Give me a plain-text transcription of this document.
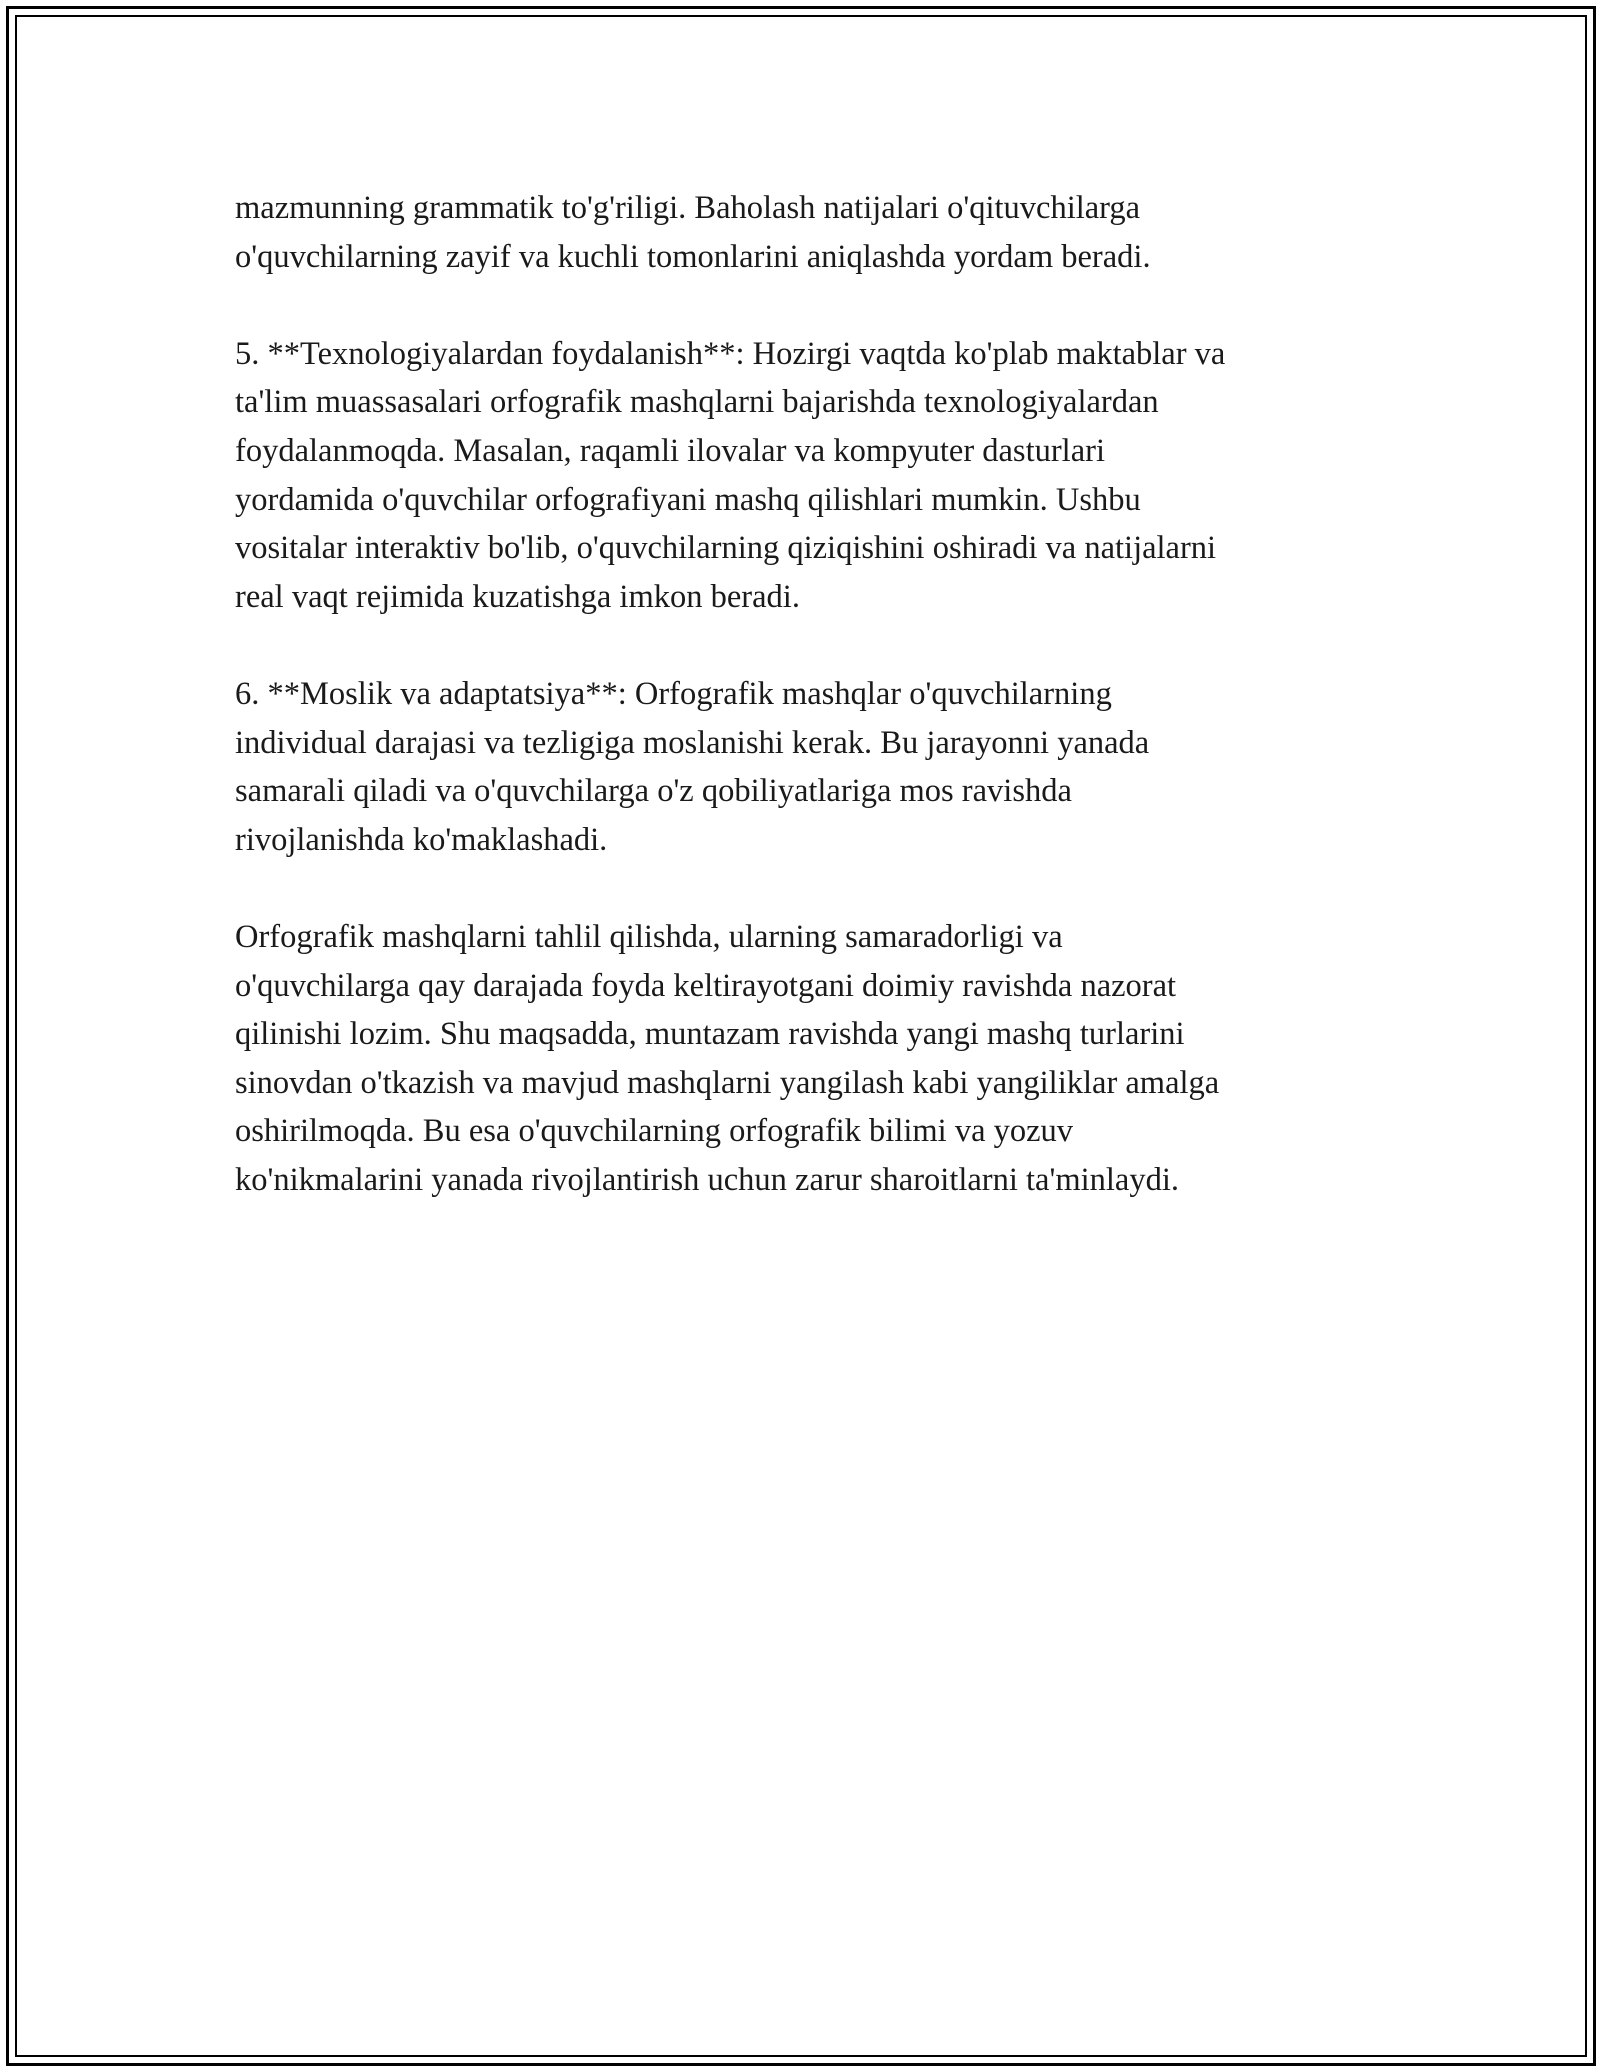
mazmunning grammatik to'g'riligi. Baholash natijalari o'qituvchilarga
o'quvchilarning zayif va kuchli tomonlarini aniqlashda yordam beradi.

5. **Texnologiyalardan foydalanish**: Hozirgi vaqtda ko'plab maktablar va
ta'lim muassasalari orfografik mashqlarni bajarishda texnologiyalardan
foydalanmoqda. Masalan, raqamli ilovalar va kompyuter dasturlari
yordamida o'quvchilar orfografiyani mashq qilishlari mumkin. Ushbu
vositalar interaktiv bo'lib, o'quvchilarning qiziqishini oshiradi va natijalarni
real vaqt rejimida kuzatishga imkon beradi.

6. **Moslik va adaptatsiya**: Orfografik mashqlar o'quvchilarning
individual darajasi va tezligiga moslanishi kerak. Bu jarayonni yanada
samarali qiladi va o'quvchilarga o'z qobiliyatlariga mos ravishda
rivojlanishda ko'maklashadi.

Orfografik mashqlarni tahlil qilishda, ularning samaradorligi va
o'quvchilarga qay darajada foyda keltirayotgani doimiy ravishda nazorat
qilinishi lozim. Shu maqsadda, muntazam ravishda yangi mashq turlarini
sinovdan o'tkazish va mavjud mashqlarni yangilash kabi yangiliklar amalga
oshirilmoqda. Bu esa o'quvchilarning orfografik bilimi va yozuv
ko'nikmalarini yanada rivojlantirish uchun zarur sharoitlarni ta'minlaydi.
